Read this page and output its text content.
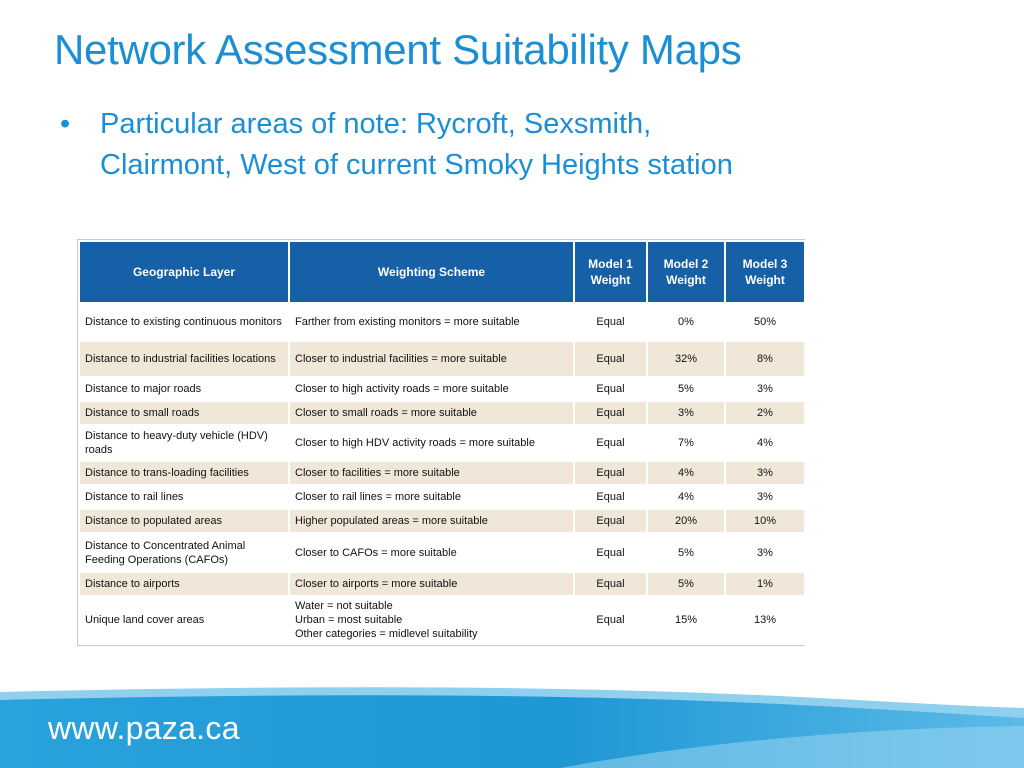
Network Assessment Suitability Maps
•	Particular areas of note: Rycroft, Sexsmith, Clairmont, West of current Smoky Heights station
Geographic Layer	Weighting Scheme	Model 1 Weight	Model 2 Weight	Model 3 Weight
Distance to existing continuous monitors	Farther from existing monitors = more suitable	Equal	0%	50%
Distance to industrial facilities locations	Closer to industrial facilities = more suitable	Equal	32%	8%
Distance to major roads	Closer to high activity roads = more suitable	Equal	5%	3%
Distance to small roads	Closer to small roads = more suitable	Equal	3%	2%
Distance to heavy-duty vehicle (HDV) roads	Closer to high HDV activity roads = more suitable	Equal	7%	4%
Distance to trans-loading facilities	Closer to facilities = more suitable	Equal	4%	3%
Distance to rail lines	Closer to rail lines = more suitable	Equal	4%	3%
Distance to populated areas	Higher populated areas = more suitable	Equal	20%	10%
Distance to Concentrated Animal Feeding Operations (CAFOs)	Closer to CAFOs = more suitable	Equal	5%	3%
Distance to airports	Closer to airports = more suitable	Equal	5%	1%
Unique land cover areas	Water = not suitable
Urban = most suitable
Other categories = midlevel suitability	Equal	15%	13%
www.paza.ca
